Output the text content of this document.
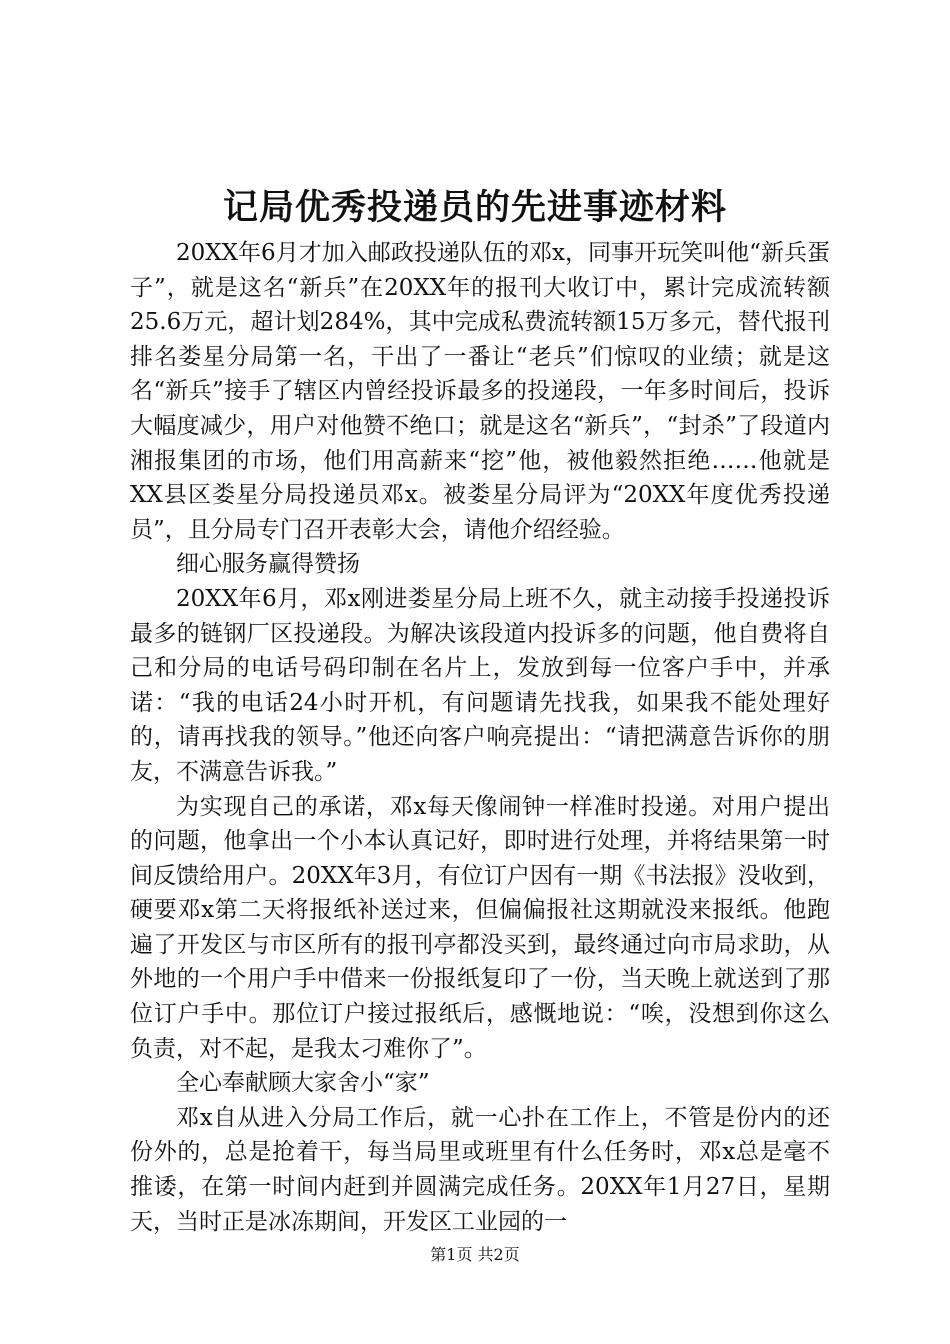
记局优秀投递员的先进事迹材料

20XX年6月才加入邮政投递队伍的邓x，同事开玩笑叫他“新兵蛋子”，就是这名“新兵”在20XX年的报刊大收订中，累计完成流转额25.6万元，超计划284%，其中完成私费流转额15万多元，替代报刊排名娄星分局第一名，干出了一番让“老兵”们惊叹的业绩；就是这名“新兵”接手了辖区内曾经投诉最多的投递段，一年多时间后，投诉大幅度减少，用户对他赞不绝口；就是这名“新兵”，“封杀”了段道内湘报集团的市场，他们用高薪来“挖”他，被他毅然拒绝……他就是XX县区娄星分局投递员邓x。被娄星分局评为“20XX年度优秀投递员”，且分局专门召开表彰大会，请他介绍经验。

细心服务赢得赞扬

20XX年6月，邓x刚进娄星分局上班不久，就主动接手投递投诉最多的链钢厂区投递段。为解决该段道内投诉多的问题，他自费将自己和分局的电话号码印制在名片上，发放到每一位客户手中，并承诺：“我的电话24小时开机，有问题请先找我，如果我不能处理好的，请再找我的领导。”他还向客户响亮提出：“请把满意告诉你的朋友，不满意告诉我。”

为实现自己的承诺，邓x每天像闹钟一样准时投递。对用户提出的问题，他拿出一个小本认真记好，即时进行处理，并将结果第一时间反馈给用户。20XX年3月，有位订户因有一期《书法报》没收到，硬要邓x第二天将报纸补送过来，但偏偏报社这期就没来报纸。他跑遍了开发区与市区所有的报刊亭都没买到，最终通过向市局求助，从外地的一个用户手中借来一份报纸复印了一份，当天晚上就送到了那位订户手中。那位订户接过报纸后，感慨地说：“唉，没想到你这么负责，对不起，是我太刁难你了”。

全心奉献顾大家舍小“家”

邓x自从进入分局工作后，就一心扑在工作上，不管是份内的还份外的，总是抢着干，每当局里或班里有什么任务时，邓x总是毫不推诿，在第一时间内赶到并圆满完成任务。20XX年1月27日，星期天，当时正是冰冻期间，开发区工业园的一

第1页 共2页
